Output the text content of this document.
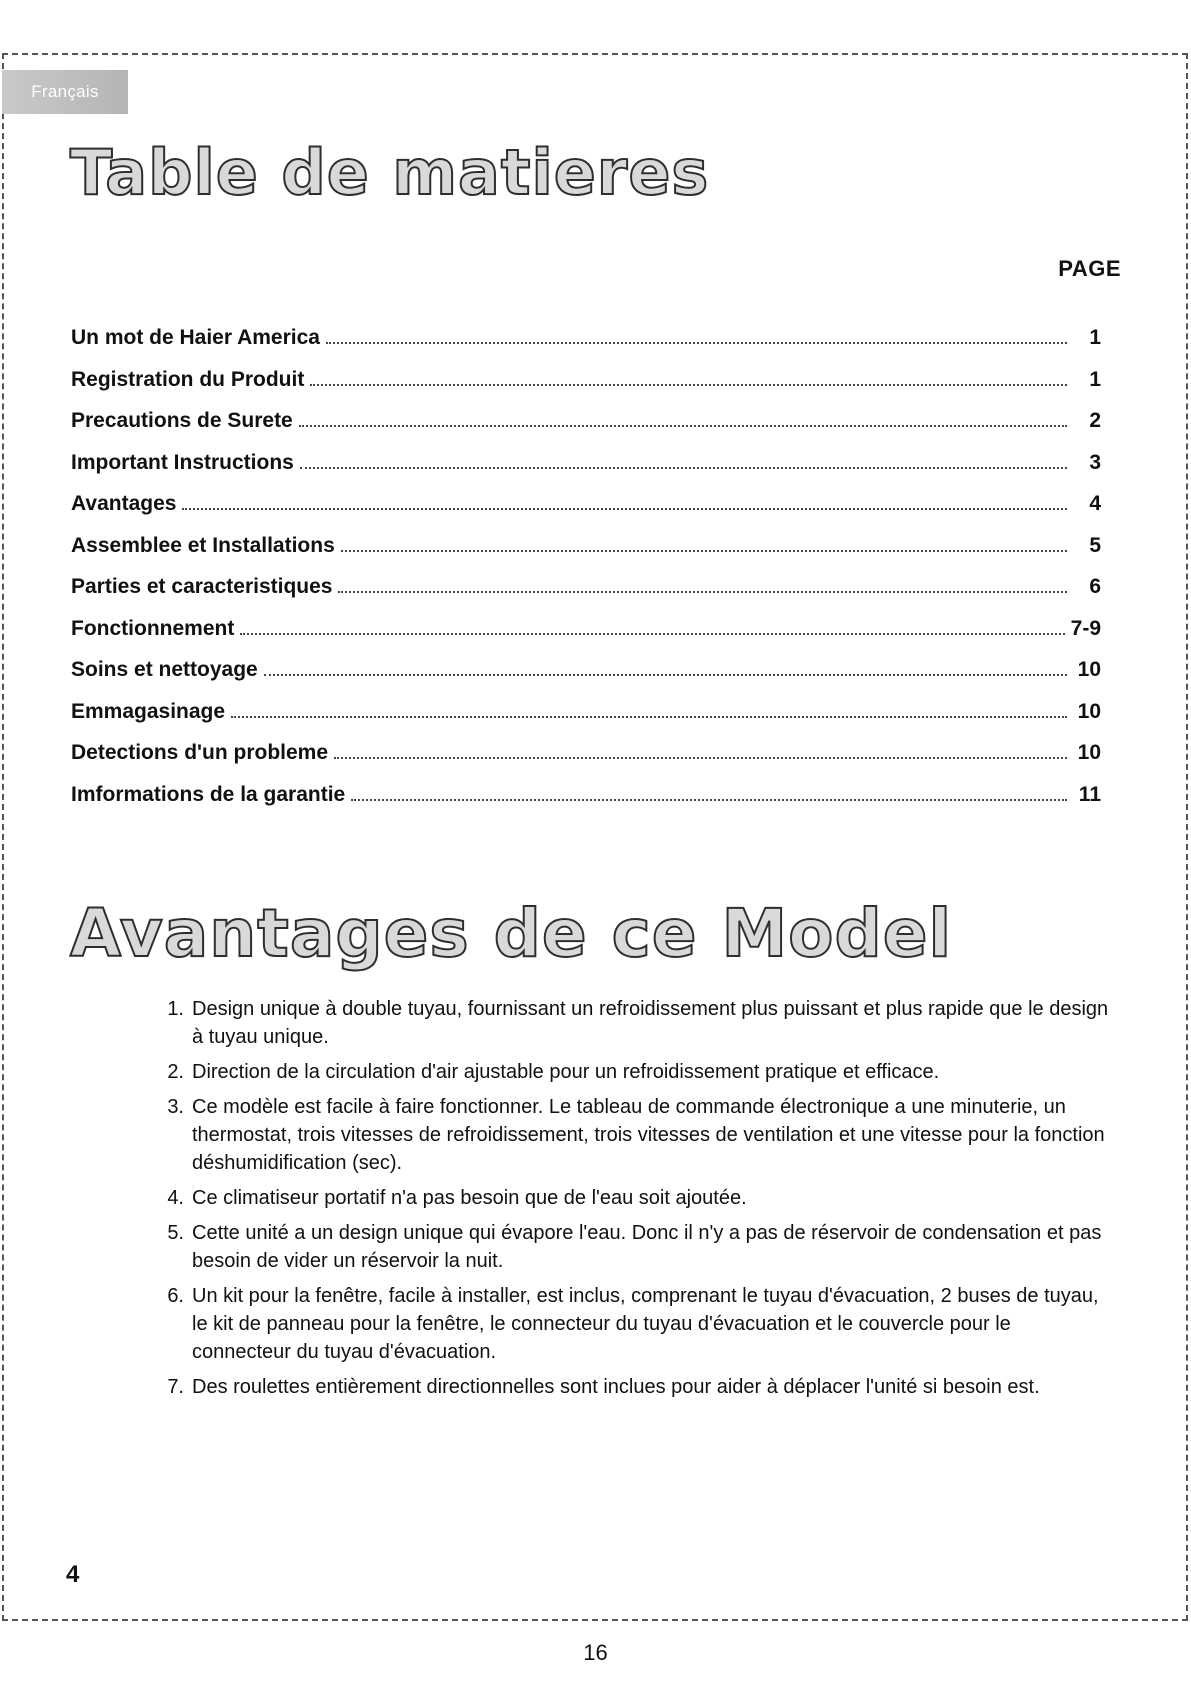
Français
Table de matieres
PAGE
Un mot de Haier America	1
Registration du Produit	1
Precautions de Surete	2
Important Instructions	3
Avantages	4
Assemblee et Installations	5
Parties et caracteristiques	6
Fonctionnement	7-9
Soins et nettoyage	10
Emmagasinage	10
Detections d'un probleme	10
Imformations de la garantie	11
Avantages de ce Model
1. Design unique à double tuyau, fournissant un refroidissement plus puissant et plus rapide que le design à tuyau unique.
2. Direction de la circulation d'air ajustable pour un refroidissement pratique et efficace.
3. Ce modèle est facile à faire fonctionner. Le tableau de commande électronique a une minuterie, un thermostat, trois vitesses de refroidissement, trois vitesses de ventilation et une vitesse pour la fonction déshumidification (sec).
4. Ce climatiseur portatif n'a pas besoin que de l'eau soit ajoutée.
5. Cette unité a un design unique qui évapore l'eau. Donc il n'y a pas de réservoir de condensation et pas besoin de vider un réservoir la nuit.
6. Un kit pour la fenêtre, facile à installer, est inclus, comprenant le tuyau d'évacuation, 2 buses de tuyau, le kit de panneau pour la fenêtre, le connecteur du tuyau d'évacuation et le couvercle pour le connecteur du tuyau d'évacuation.
7. Des roulettes entièrement directionnelles sont inclues pour aider à déplacer l'unité si besoin est.
4
16
